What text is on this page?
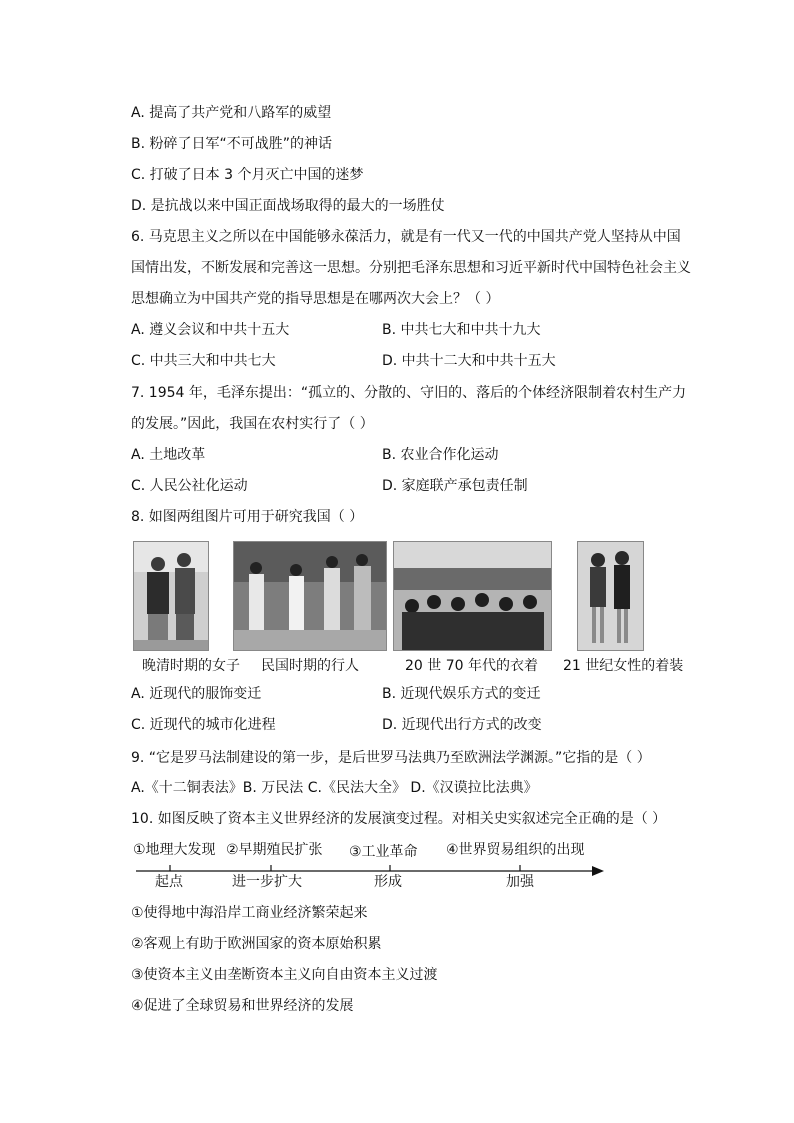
A. 提高了共产党和八路军的威望
B. 粉碎了日军“不可战胜”的神话
C. 打破了日本 3 个月灭亡中国的迷梦
D. 是抗战以来中国正面战场取得的最大的一场胜仗
6. 马克思主义之所以在中国能够永葆活力，就是有一代又一代的中国共产党人坚持从中国
国情出发，不断发展和完善这一思想。分别把毛泽东思想和习近平新时代中国特色社会主义
思想确立为中国共产党的指导思想是在哪两次大会上？（ ）
A. 遵义会议和中共十五大	B. 中共七大和中共十九大
C. 中共三大和中共七大	D. 中共十二大和中共十五大
7. 1954 年，毛泽东提出：“孤立的、分散的、守旧的、落后的个体经济限制着农村生产力
的发展。”因此，我国在农村实行了（ ）
A. 土地改革	B. 农业合作化运动
C. 人民公社化运动	D. 家庭联产承包责任制
8. 如图两组图片可用于研究我国（ ）
晚清时期的女子 民国时期的行人	20 世 70 年代的衣着 21 世纪女性的着装
A. 近现代的服饰变迁	B. 近现代娱乐方式的变迁
C. 近现代的城市化进程	D. 近现代出行方式的改变
9. “它是罗马法制建设的第一步，是后世罗马法典乃至欧洲法学渊源。”它指的是（ ）
A.《十二铜表法》B. 万民法 C.《民法大全》 D.《汉谟拉比法典》
10. 如图反映了资本主义世界经济的发展演变过程。对相关史实叙述完全正确的是（ ）
①地理大发现 ②早期殖民扩张 ③工业革命 ④世界贸易组织的出现
起点	进一步扩大	形成	加强
①使得地中海沿岸工商业经济繁荣起来
②客观上有助于欧洲国家的资本原始积累
③使资本主义由垄断资本主义向自由资本主义过渡
④促进了全球贸易和世界经济的发展
